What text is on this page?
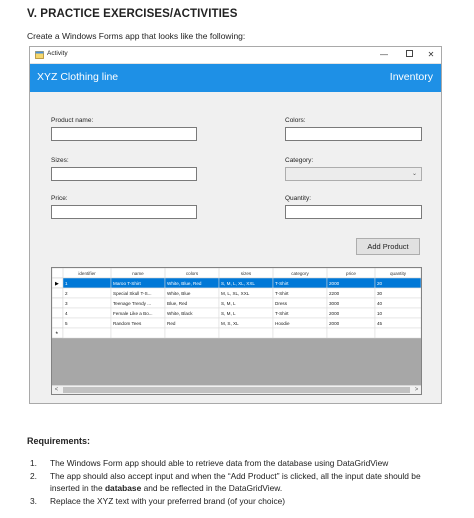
V. PRACTICE EXERCISES/ACTIVITIES
Create a Windows Forms app that looks like the following:
Activity	—	✕
XYZ Clothing line	Inventory
Product name:	Colors:
Sizes:	Category:
⌄
Price:	Quantity:
Add Product
identifier	name	colors	sizes	category	price	quantity
▶ 1	Maroo T-Shirt	White, Blue, Red	S, M, L, XL, XXL	T-Shirt	2000	20
2	Special Skull T-S...	White, Blue	M, L, XL, XXL	T-Shirt	2200	30
3	Teenage Trendy ...	Blue, Red	S, M, L	Dress	3000	40
4	Female Like a Bo...	White, Black	S, M, L	T-Shirt	2000	10
5	Random Tees	Red	M, S, XL	Hoodie	2000	45
*
<	>
Requirements:
1. The Windows Form app should able to retrieve data from the database using DataGridView
2. The app should also accept input and when the “Add Product” is clicked, all the input date should be inserted in the database and be reflected in the DataGridView.
3. Replace the XYZ text with your preferred brand (of your choice)
